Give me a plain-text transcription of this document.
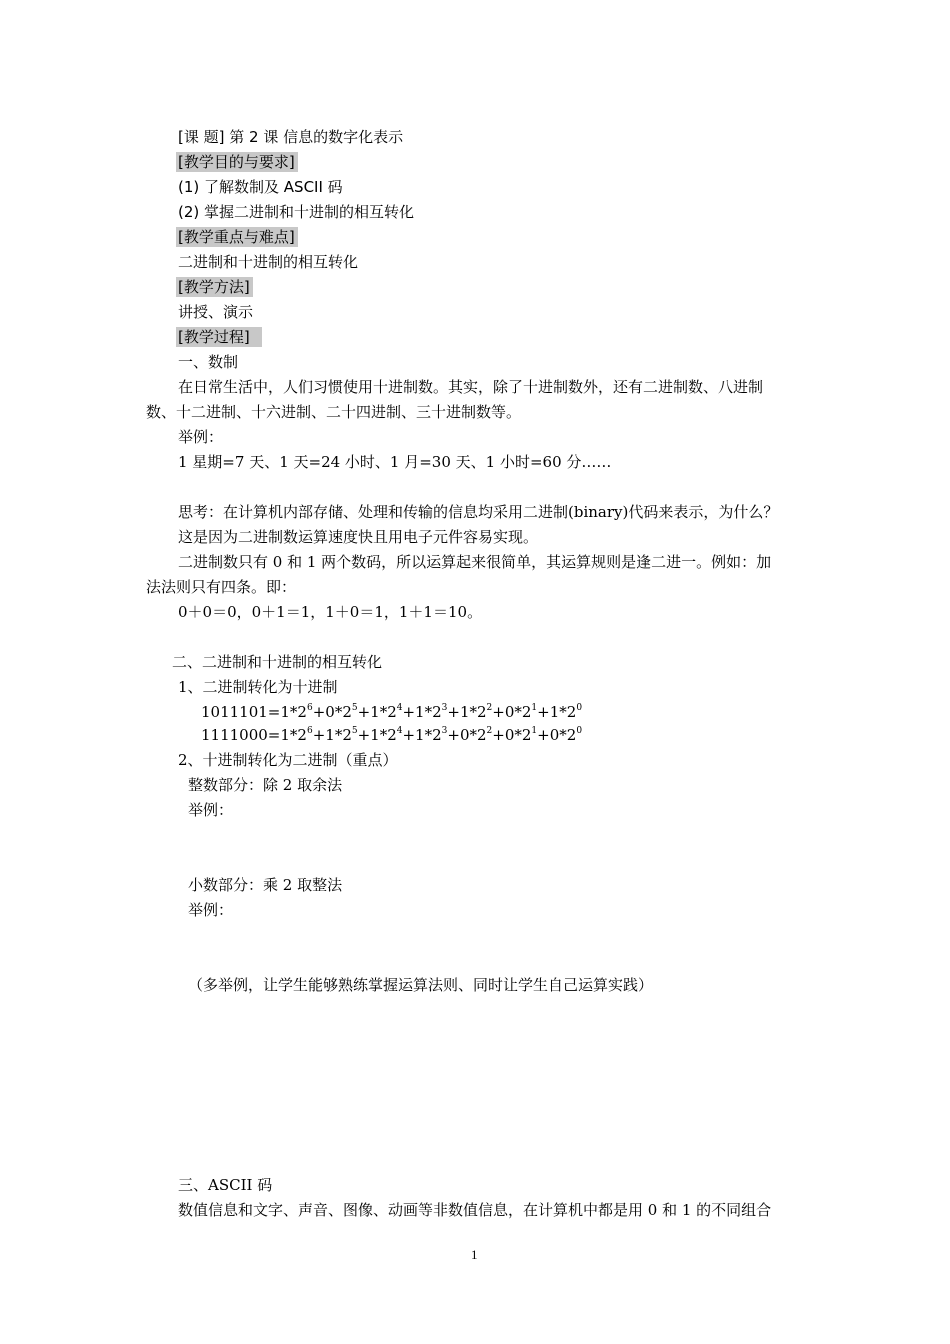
[课 题] 第 2 课 信息的数字化表示
[教学目的与要求]
(1) 了解数制及 ASCII 码
(2) 掌握二进制和十进制的相互转化
[教学重点与难点]
二进制和十进制的相互转化
[教学方法]
讲授、演示
[教学过程]
一、数制
在日常生活中，人们习惯使用十进制数。其实，除了十进制数外，还有二进制数、八进制
数、十二进制、十六进制、二十四进制、三十进制数等。
举例：
1 星期=7 天、1 天=24 小时、1 月=30 天、1 小时=60 分……
思考：在计算机内部存储、处理和传输的信息均采用二进制(binary)代码来表示，为什么？
这是因为二进制数运算速度快且用电子元件容易实现。
二进制数只有 0 和 1 两个数码，所以运算起来很简单，其运算规则是逢二进一。例如：加
法法则只有四条。即：
0＋0＝0，0＋1＝1，1＋0＝1，1＋1＝10。
二、二进制和十进制的相互转化
1、二进制转化为十进制
$1011101=1*2^6+0*2^5+1*2^4+1*2^3+1*2^2+0*2^1+1*2^0$
$1111000=1*2^6+1*2^5+1*2^4+1*2^3+0*2^2+0*2^1+0*2^0$
2、十进制转化为二进制（重点）
整数部分：除 2 取余法
举例：
小数部分：乘 2 取整法
举例：
（多举例，让学生能够熟练掌握运算法则、同时让学生自己运算实践）
三、ASCII 码
数值信息和文字、声音、图像、动画等非数值信息，在计算机中都是用 0 和 1 的不同组合
1
